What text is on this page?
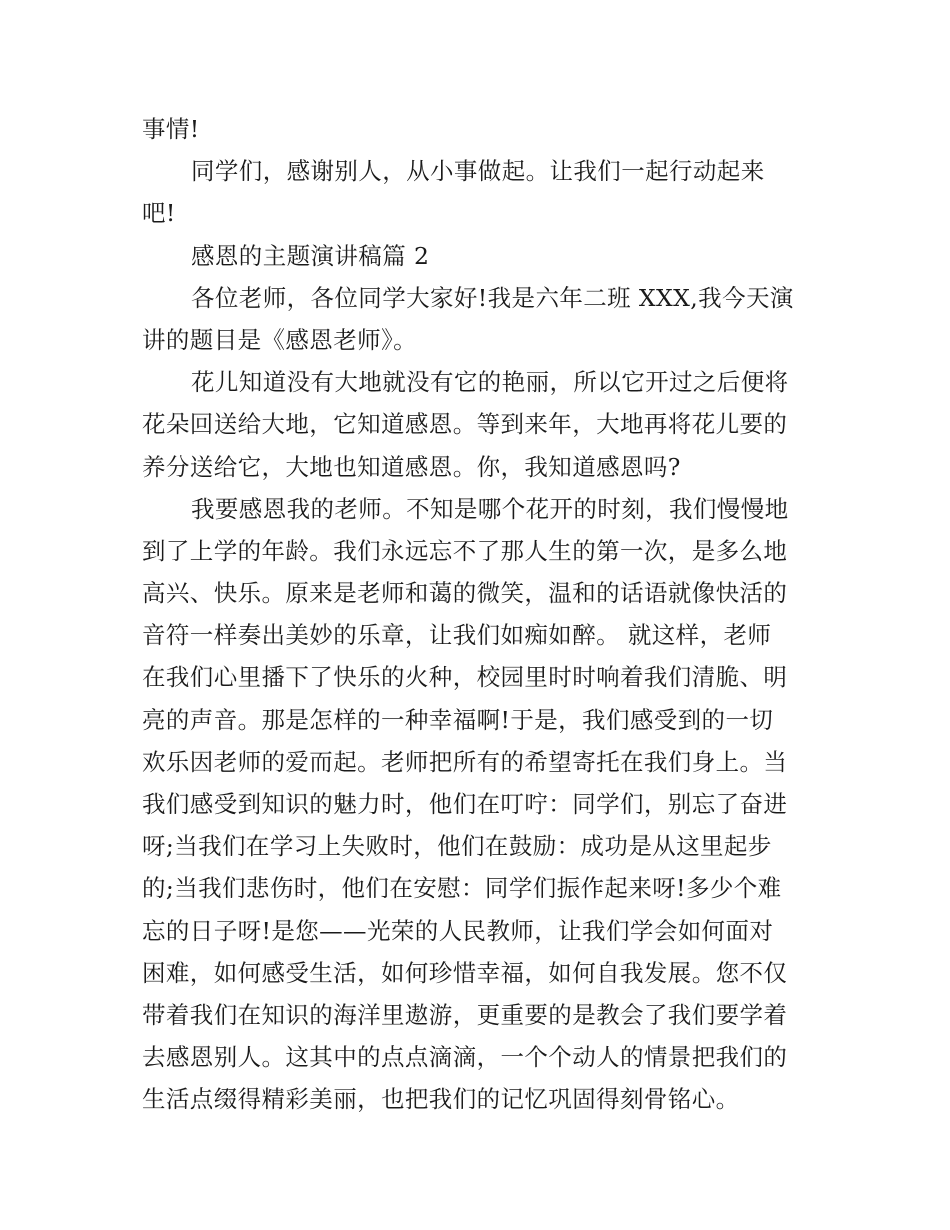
事情!
同学们，感谢别人，从小事做起。让我们一起行动起来
吧!
感恩的主题演讲稿篇 2
各位老师，各位同学大家好!我是六年二班 XXX,我今天演
讲的题目是《感恩老师》。
花儿知道没有大地就没有它的艳丽，所以它开过之后便将
花朵回送给大地，它知道感恩。等到来年，大地再将花儿要的
养分送给它，大地也知道感恩。你，我知道感恩吗?
我要感恩我的老师。不知是哪个花开的时刻，我们慢慢地
到了上学的年龄。我们永远忘不了那人生的第一次，是多么地
高兴、快乐。原来是老师和蔼的微笑，温和的话语就像快活的
音符一样奏出美妙的乐章，让我们如痴如醉。 就这样，老师
在我们心里播下了快乐的火种，校园里时时响着我们清脆、明
亮的声音。那是怎样的一种幸福啊!于是，我们感受到的一切
欢乐因老师的爱而起。老师把所有的希望寄托在我们身上。当
我们感受到知识的魅力时，他们在叮咛：同学们，别忘了奋进
呀;当我们在学习上失败时，他们在鼓励：成功是从这里起步
的;当我们悲伤时，他们在安慰：同学们振作起来呀!多少个难
忘的日子呀!是您——光荣的人民教师，让我们学会如何面对
困难，如何感受生活，如何珍惜幸福，如何自我发展。您不仅
带着我们在知识的海洋里遨游，更重要的是教会了我们要学着
去感恩别人。这其中的点点滴滴，一个个动人的情景把我们的
生活点缀得精彩美丽，也把我们的记忆巩固得刻骨铭心。
